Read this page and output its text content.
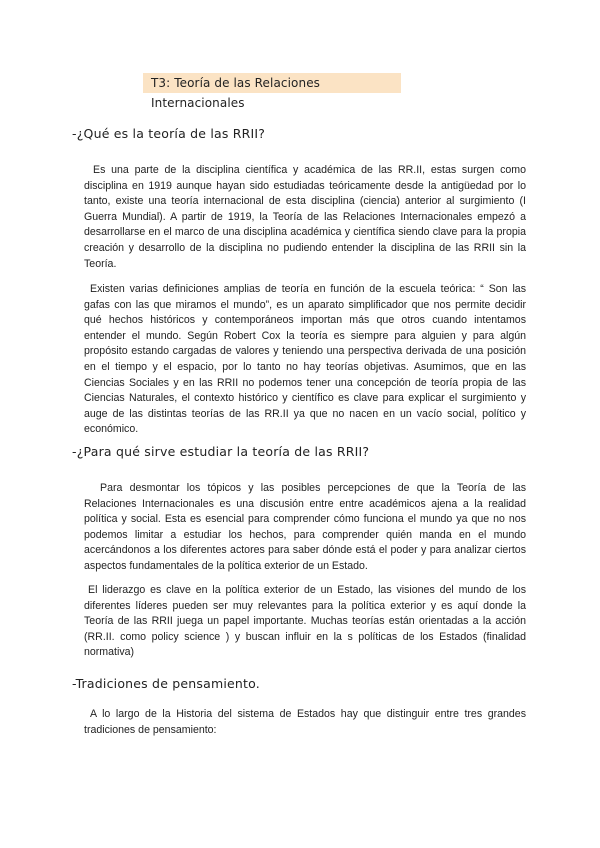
T3: Teoría de las Relaciones Internacionales
-¿Qué es la teoría de las RRII?

Es una parte de la disciplina científica y académica de las RR.II, estas surgen como disciplina en 1919 aunque hayan sido estudiadas teóricamente desde la antigüedad por lo tanto, existe una teoría internacional de esta disciplina (ciencia) anterior al surgimiento (I Guerra Mundial). A partir de 1919, la Teoría de las Relaciones Internacionales empezó a desarrollarse en el marco de una disciplina académica y científica siendo clave para la propia creación y desarrollo de la disciplina no pudiendo entender la disciplina de las RRII sin la Teoría.

Existen varias definiciones amplias de teoría en función de la escuela teórica: “ Son las gafas con las que miramos el mundo”, es un aparato simplificador que nos permite decidir qué hechos históricos y contemporáneos importan más que otros cuando intentamos entender el mundo. Según Robert Cox la teoría es siempre para alguien y para algún propósito estando cargadas de valores y teniendo una perspectiva derivada de una posición en el tiempo y el espacio, por lo tanto no hay teorías objetivas. Asumimos, que en las Ciencias Sociales y en las RRII no podemos tener una concepción de teoría propia de las Ciencias Naturales, el contexto histórico y científico es clave para explicar el surgimiento y auge de las distintas teorías de las RR.II ya que no nacen en un vacío social, político y económico.

-¿Para qué sirve estudiar la teoría de las RRII?

Para desmontar los tópicos y las posibles percepciones de que la Teoría de las Relaciones Internacionales es una discusión entre entre académicos ajena a la realidad política y social. Esta es esencial para comprender cómo funciona el mundo ya que no nos podemos limitar a estudiar los hechos, para comprender quién manda en el mundo acercándonos a los diferentes actores para saber dónde está el poder y para analizar ciertos aspectos fundamentales de la política exterior de un Estado.

El liderazgo es clave en la política exterior de un Estado, las visiones del mundo de los diferentes líderes pueden ser muy relevantes para la política exterior y es aquí donde la Teoría de las RRII juega un papel importante. Muchas teorías están orientadas a la acción (RR.II. como policy science ) y buscan influir en la s políticas de los Estados (finalidad normativa)

-Tradiciones de pensamiento.

A lo largo de la Historia del sistema de Estados hay que distinguir entre tres grandes tradiciones de pensamiento:
